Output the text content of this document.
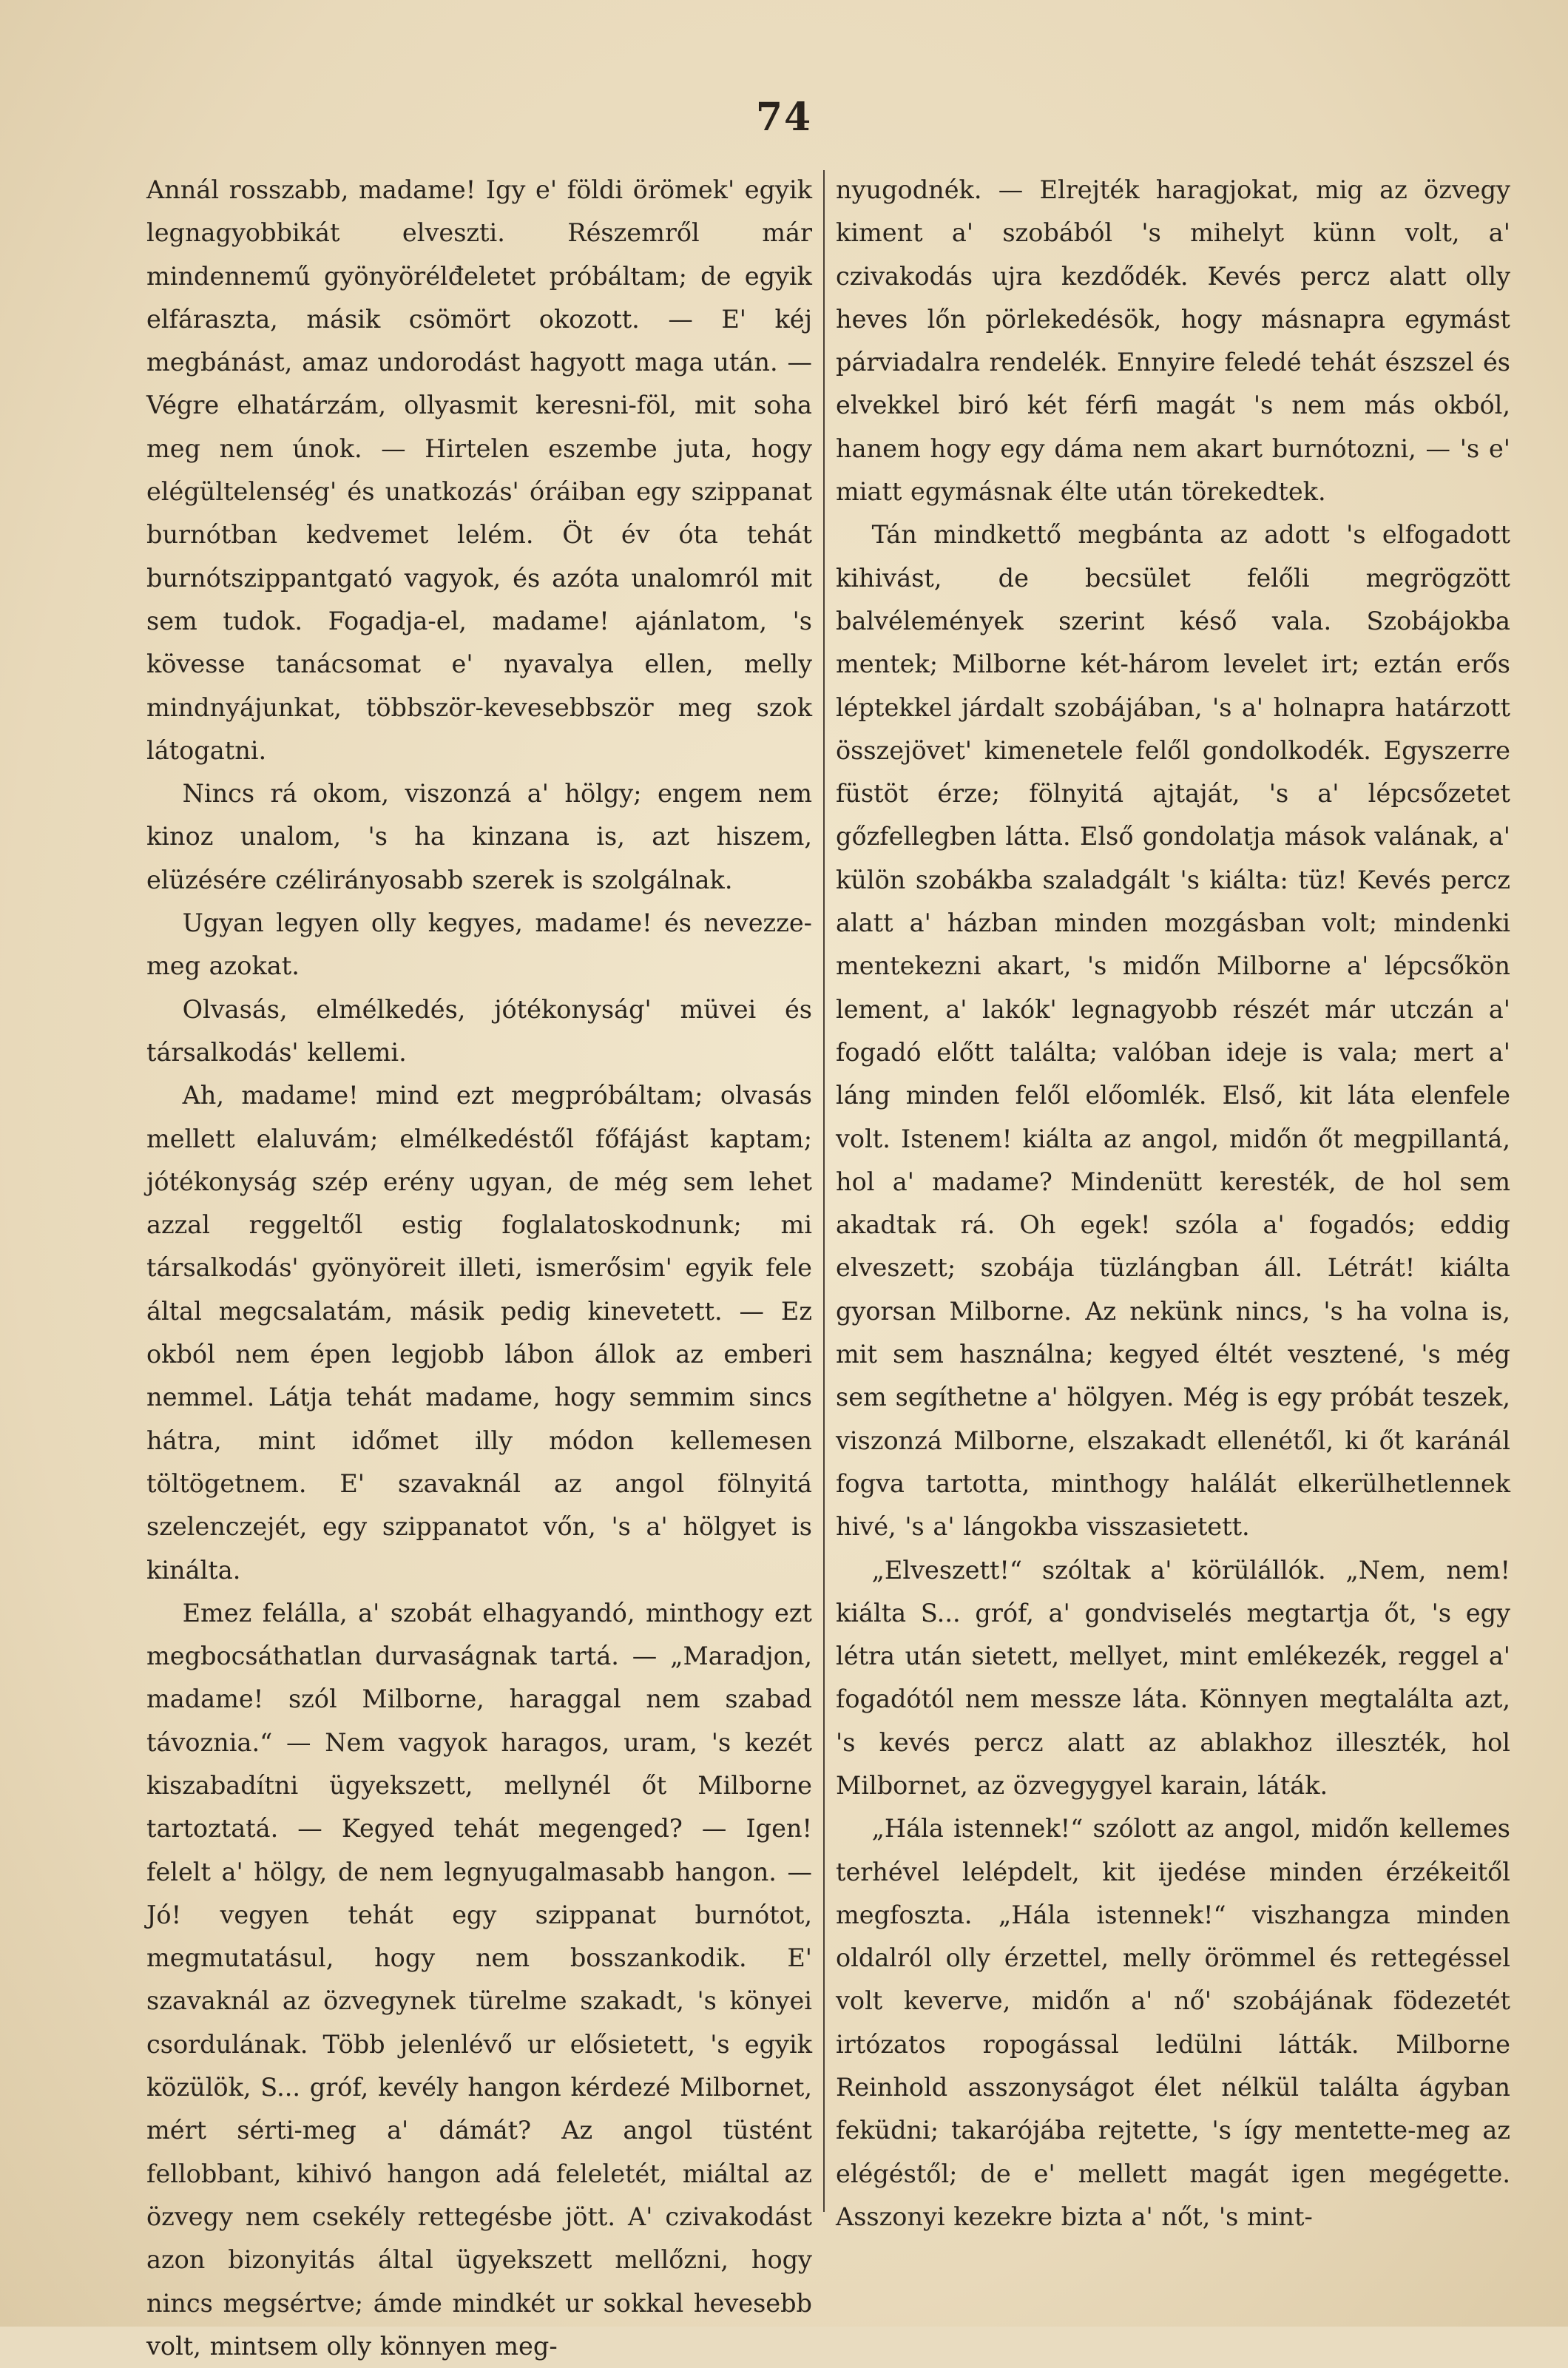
74

Annál rosszabb, madame! Igy e' földi örömek' egyik legnagyobbikát elveszti. Részemről már mindennemű gyönyörélđeletet próbáltam; de egyik elfáraszta, másik csömört okozott. — E' kéj megbánást, amaz undorodást hagyott maga után. — Végre elhatárzám, ollyasmit keresni-föl, mit soha meg nem únok. — Hirtelen eszembe juta, hogy elégültelenség' és unatkozás' óráiban egy szippanat burnótban kedvemet lelém. Öt év óta tehát burnótszippantgató vagyok, és azóta unalomról mit sem tudok. Fogadja-el, madame! ajánlatom, 's kövesse tanácsomat e' nyavalya ellen, melly mindnyájunkat, többször-kevesebbször meg szok látogatni.

Nincs rá okom, viszonzá a' hölgy; engem nem kinoz unalom, 's ha kinzana is, azt hiszem, elüzésére czélirányosabb szerek is szolgálnak.

Ugyan legyen olly kegyes, madame! és nevezze-meg azokat.

Olvasás, elmélkedés, jótékonyság' müvei és társalkodás' kellemi.

Ah, madame! mind ezt megpróbáltam; olvasás mellett elaluvám; elmélkedéstől főfájást kaptam; jótékonyság szép erény ugyan, de még sem lehet azzal reggeltől estig foglalatoskodnunk; mi társalkodás' gyönyöreit illeti, ismerősim' egyik fele által megcsalatám, másik pedig kinevetett. — Ez okból nem épen legjobb lábon állok az emberi nemmel. Látja tehát madame, hogy semmim sincs hátra, mint időmet illy módon kellemesen töltögetnem. E' szavaknál az angol fölnyitá szelenczejét, egy szippanatot vőn, 's a' hölgyet is kinálta.

Emez felálla, a' szobát elhagyandó, minthogy ezt megbocsáthatlan durvaságnak tartá. — „Maradjon, madame! szól Milborne, haraggal nem szabad távoznia.“ — Nem vagyok haragos, uram, 's kezét kiszabadítni ügyekszett, mellynél őt Milborne tartoztatá. — Kegyed tehát megenged? — Igen! felelt a' hölgy, de nem legnyugalmasabb hangon. — Jó! vegyen tehát egy szippanat burnótot, megmutatásul, hogy nem bosszankodik. E' szavaknál az özvegynek türelme szakadt, 's könyei csordulának. Több jelenlévő ur elősietett, 's egyik közülök, S... gróf, kevély hangon kérdezé Milbornet, mért sérti-meg a' dámát? Az angol tüstént fellobbant, kihivó hangon adá feleletét, miáltal az özvegy nem csekély rettegésbe jött. A' czivakodást azon bizonyitás által ügyekszett mellőzni, hogy nincs megsértve; ámde mindkét ur sokkal hevesebb volt, mintsem olly könnyen meg-

nyugodnék. — Elrejték haragjokat, mig az özvegy kiment a' szobából 's mihelyt künn volt, a' czivakodás ujra kezdődék. Kevés percz alatt olly heves lőn pörlekedésök, hogy másnapra egymást párviadalra rendelék. Ennyire feledé tehát észszel és elvekkel biró két férfi magát 's nem más okból, hanem hogy egy dáma nem akart burnótozni, — 's e' miatt egymásnak élte után törekedtek.

Tán mindkettő megbánta az adott 's elfogadott kihivást, de becsület felőli megrögzött balvélemények szerint késő vala. Szobájokba mentek; Milborne két-három levelet irt; eztán erős léptekkel járdalt szobájában, 's a' holnapra határzott összejövet' kimenetele felől gondolkodék. Egyszerre füstöt érze; fölnyitá ajtaját, 's a' lépcsőzetet gőzfellegben látta. Első gondolatja mások valának, a' külön szobákba szaladgált 's kiálta: tüz! Kevés percz alatt a' házban minden mozgásban volt; mindenki mentekezni akart, 's midőn Milborne a' lépcsőkön lement, a' lakók' legnagyobb részét már utczán a' fogadó előtt találta; valóban ideje is vala; mert a' láng minden felől előomlék. Első, kit láta elenfele volt. Istenem! kiálta az angol, midőn őt megpillantá, hol a' madame? Mindenütt keresték, de hol sem akadtak rá. Oh egek! szóla a' fogadós; eddig elveszett; szobája tüzlángban áll. Létrát! kiálta gyorsan Milborne. Az nekünk nincs, 's ha volna is, mit sem használna; kegyed éltét vesztené, 's még sem segíthetne a' hölgyen. Még is egy próbát teszek, viszonzá Milborne, elszakadt ellenétől, ki őt karánál fogva tartotta, minthogy halálát elkerülhetlennek hivé, 's a' lángokba visszasietett.

„Elveszett!“ szóltak a' körülállók. „Nem, nem! kiálta S... gróf, a' gondviselés megtartja őt, 's egy létra után sietett, mellyet, mint emlékezék, reggel a' fogadótól nem messze láta. Könnyen megtalálta azt, 's kevés percz alatt az ablakhoz illeszték, hol Milbornet, az özvegygyel karain, láták.

„Hála istennek!“ szólott az angol, midőn kellemes terhével lelépdelt, kit ijedése minden érzékeitől megfoszta. „Hála istennek!“ viszhangza minden oldalról olly érzettel, melly örömmel és rettegéssel volt keverve, midőn a' nő' szobájának födezetét irtózatos ropogással ledülni látták. Milborne Reinhold asszonyságot élet nélkül találta ágyban feküdni; takarójába rejtette, 's így mentette-meg az elégéstől; de e' mellett magát igen megégette. Asszonyi kezekre bizta a' nőt, 's mint-
